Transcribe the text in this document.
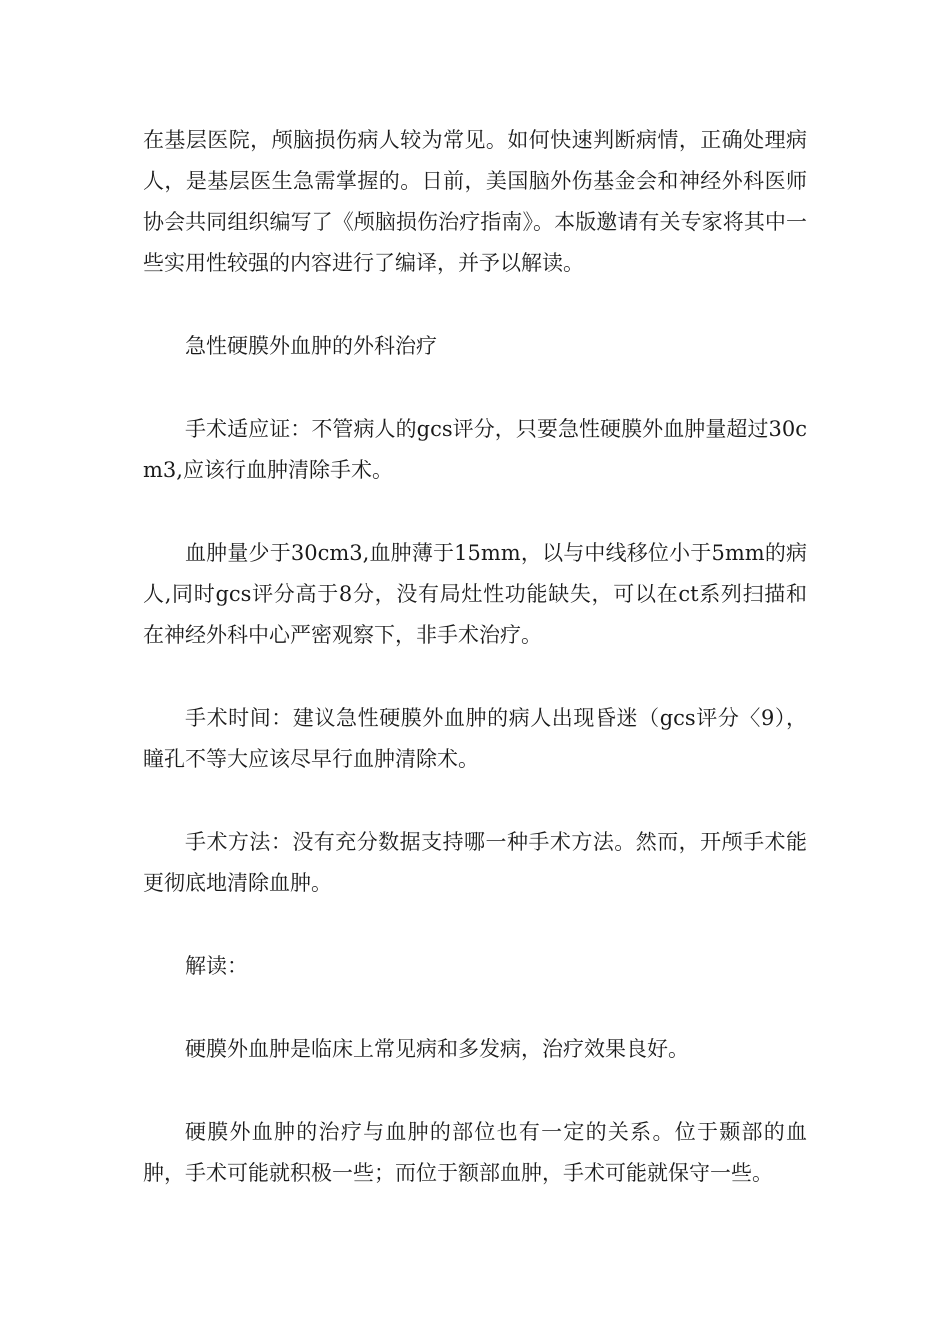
在基层医院，颅脑损伤病人较为常见。如何快速判断病情，正确处理病人，是基层医生急需掌握的。日前，美国脑外伤基金会和神经外科医师协会共同组织编写了《颅脑损伤治疗指南》。本版邀请有关专家将其中一些实用性较强的内容进行了编译，并予以解读。

急性硬膜外血肿的外科治疗

手术适应证：不管病人的gcs评分，只要急性硬膜外血肿量超过30cm3,应该行血肿清除手术。

血肿量少于30cm3,血肿薄于15mm，以与中线移位小于5mm的病人,同时gcs评分高于8分，没有局灶性功能缺失，可以在ct系列扫描和在神经外科中心严密观察下，非手术治疗。

手术时间：建议急性硬膜外血肿的病人出现昏迷（gcs评分〈9），瞳孔不等大应该尽早行血肿清除术。

手术方法：没有充分数据支持哪一种手术方法。然而，开颅手术能更彻底地清除血肿。

解读：

硬膜外血肿是临床上常见病和多发病，治疗效果良好。

硬膜外血肿的治疗与血肿的部位也有一定的关系。位于颞部的血肿，手术可能就积极一些；而位于额部血肿，手术可能就保守一些。
